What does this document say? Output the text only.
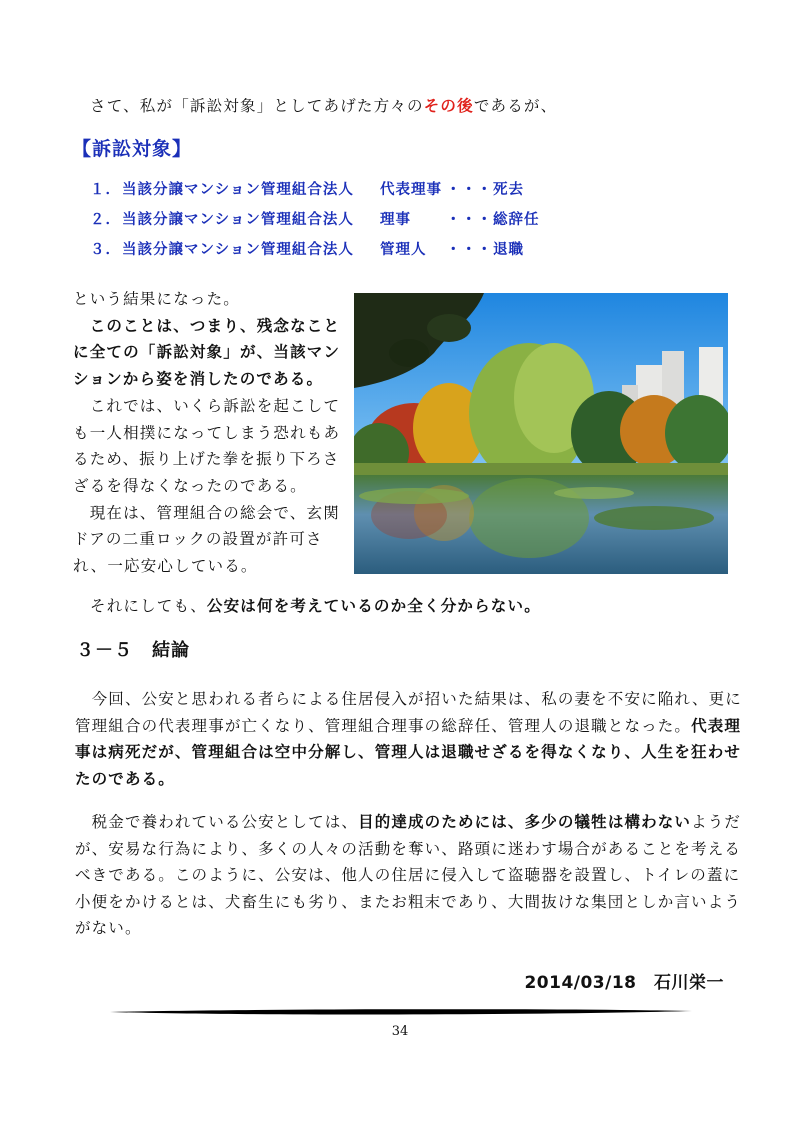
さて、私が「訴訟対象」としてあげた方々のその後であるが、
【訴訟対象】
１． 当該分譲マンション管理組合法人 代表理事 ・・・ 死去
２． 当該分譲マンション管理組合法人 理事 ・・・ 総辞任
３． 当該分譲マンション管理組合法人 管理人 ・・・ 退職
という結果になった。
　このことは、つまり、残念なこと
に全ての「訴訟対象」が、当該マン
ションから姿を消したのである。
　これでは、いくら訴訟を起こして
も一人相撲になってしまう恐れもあ
るため、振り上げた拳を振り下ろさ
ざるを得なくなったのである。
　現在は、管理組合の総会で、玄関
ドアの二重ロックの設置が許可さ
れ、一応安心している。
それにしても、公安は何を考えているのか全く分からない。
３－５　結論
　今回、公安と思われる者らによる住居侵入が招いた結果は、私の妻を不安に陥れ、更に
管理組合の代表理事が亡くなり、管理組合理事の総辞任、管理人の退職となった。代表理
事は病死だが、管理組合は空中分解し、管理人は退職せざるを得なくなり、人生を狂わせ
たのである。
　税金で養われている公安としては、目的達成のためには、多少の犠牲は構わないようだ
が、安易な行為により、多くの人々の活動を奪い、路頭に迷わす場合があることを考える
べきである。このように、公安は、他人の住居に侵入して盗聴器を設置し、トイレの蓋に
小便をかけるとは、犬畜生にも劣り、またお粗末であり、大間抜けな集団としか言いよう
がない。
2014/03/18　石川栄一
34
